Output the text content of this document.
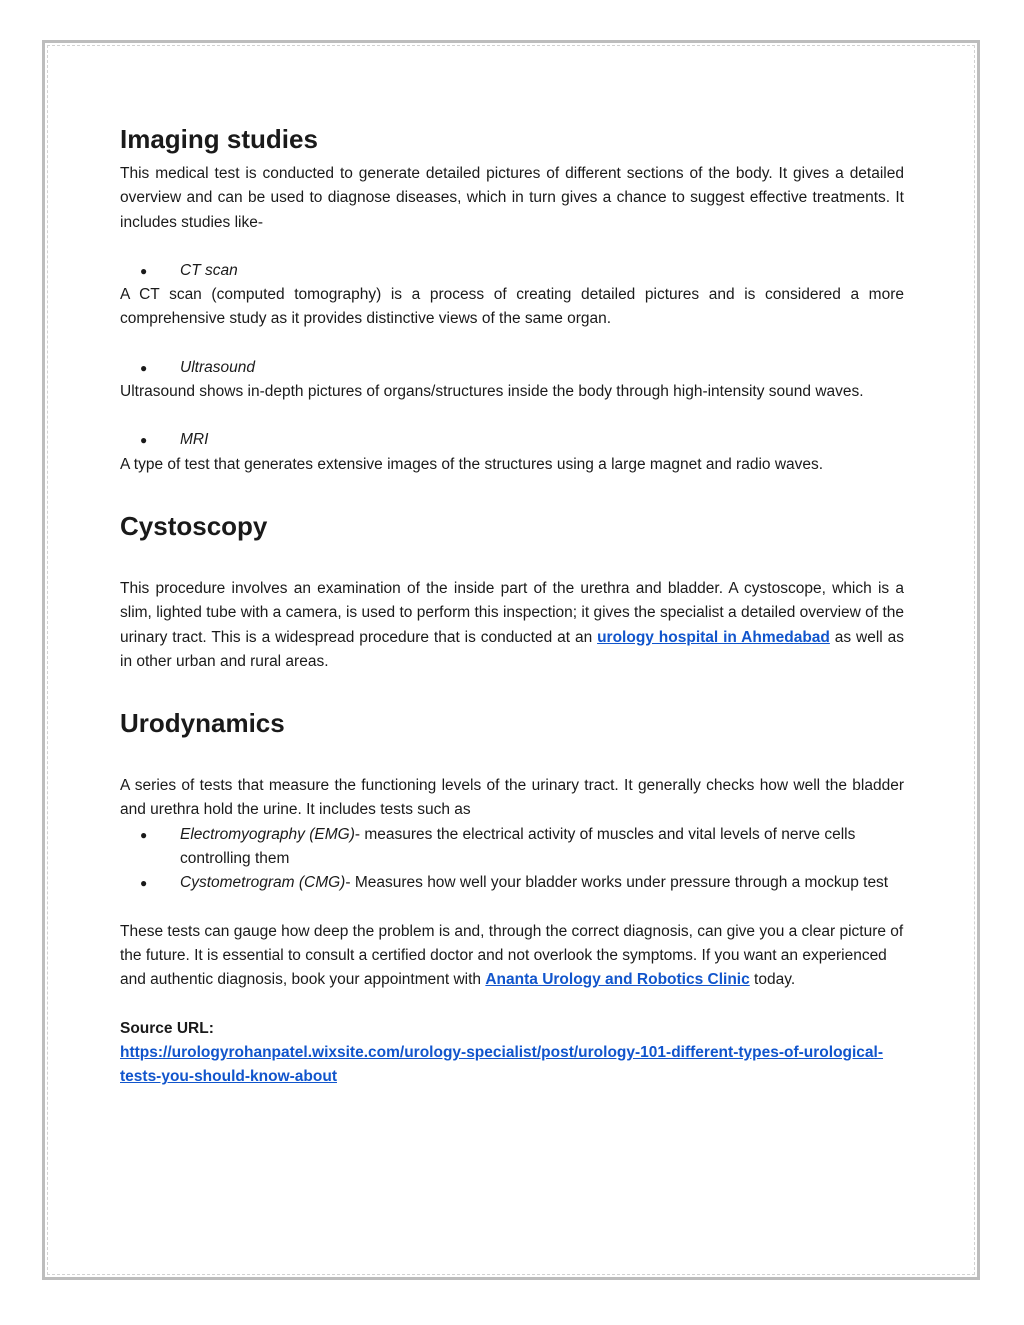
Imaging studies

This medical test is conducted to generate detailed pictures of different sections of the body. It gives a detailed overview and can be used to diagnose diseases, which in turn gives a chance to suggest effective treatments. It includes studies like-

● CT scan

A CT scan (computed tomography) is a process of creating detailed pictures and is considered a more comprehensive study as it provides distinctive views of the same organ.

● Ultrasound

Ultrasound shows in-depth pictures of organs/structures inside the body through high-intensity sound waves.

● MRI

A type of test that generates extensive images of the structures using a large magnet and radio waves.

Cystoscopy

This procedure involves an examination of the inside part of the urethra and bladder. A cystoscope, which is a slim, lighted tube with a camera, is used to perform this inspection; it gives the specialist a detailed overview of the urinary tract. This is a widespread procedure that is conducted at an urology hospital in Ahmedabad as well as in other urban and rural areas.

Urodynamics

A series of tests that measure the functioning levels of the urinary tract. It generally checks how well the bladder and urethra hold the urine. It includes tests such as

● Electromyography (EMG)- measures the electrical activity of muscles and vital levels of nerve cells controlling them
● Cystometrogram (CMG)- Measures how well your bladder works under pressure through a mockup test

These tests can gauge how deep the problem is and, through the correct diagnosis, can give you a clear picture of the future. It is essential to consult a certified doctor and not overlook the symptoms. If you want an experienced and authentic diagnosis, book your appointment with Ananta Urology and Robotics Clinic today.

Source URL:
https://urologyrohanpatel.wixsite.com/urology-specialist/post/urology-101-different-types-of-urological-tests-you-should-know-about
